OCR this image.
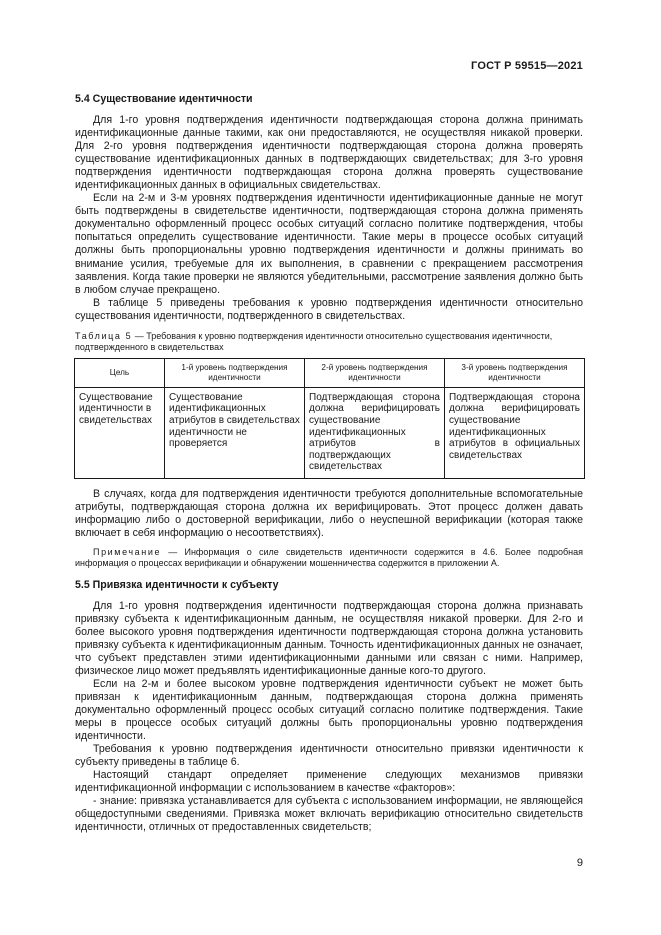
ГОСТ Р 59515—2021
5.4 Существование идентичности

Для 1-го уровня подтверждения идентичности подтверждающая сторона должна принимать идентификационные данные такими, как они предоставляются, не осуществляя никакой проверки. Для 2-го уровня подтверждения идентичности подтверждающая сторона должна проверять существование идентификационных данных в подтверждающих свидетельствах; для 3-го уровня подтверждения идентичности подтверждающая сторона должна проверять существование идентификационных данных в официальных свидетельствах.

Если на 2-м и 3-м уровнях подтверждения идентичности идентификационные данные не могут быть подтверждены в свидетельстве идентичности, подтверждающая сторона должна применять документально оформленный процесс особых ситуаций согласно политике подтверждения, чтобы попытаться определить существование идентичности. Такие меры в процессе особых ситуаций должны быть пропорциональны уровню подтверждения идентичности и должны принимать во внимание усилия, требуемые для их выполнения, в сравнении с прекращением рассмотрения заявления. Когда такие проверки не являются убедительными, рассмотрение заявления должно быть в любом случае прекращено.

В таблице 5 приведены требования к уровню подтверждения идентичности относительно существования идентичности, подтвержденного в свидетельствах.

Таблица 5 — Требования к уровню подтверждения идентичности относительно существования идентичности, подтвержденного в свидетельствах
Цель	1-й уровень подтверждения идентичности	2-й уровень подтверждения идентичности	3-й уровень подтверждения идентичности
Существование идентичности в свидетельствах	Существование идентификационных атрибутов в свидетельствах идентичности не проверяется	Подтверждающая сторона должна верифицировать существование идентификационных атрибутов в подтверждающих свидетельствах	Подтверждающая сторона должна верифицировать существование идентификационных атрибутов в официальных свидетельствах

В случаях, когда для подтверждения идентичности требуются дополнительные вспомогательные атрибуты, подтверждающая сторона должна их верифицировать. Этот процесс должен давать информацию либо о достоверной верификации, либо о неуспешной верификации (которая также включает в себя информацию о несоответствиях).

Примечание — Информация о силе свидетельств идентичности содержится в 4.6. Более подробная информация о процессах верификации и обнаружении мошенничества содержится в приложении А.
5.5 Привязка идентичности к субъекту

Для 1-го уровня подтверждения идентичности подтверждающая сторона должна признавать привязку субъекта к идентификационным данным, не осуществляя никакой проверки. Для 2-го и более высокого уровня подтверждения идентичности подтверждающая сторона должна установить привязку субъекта к идентификационным данным. Точность идентификационных данных не означает, что субъект представлен этими идентификационными данными или связан с ними. Например, физическое лицо может предъявлять идентификационные данные кого-то другого.

Если на 2-м и более высоком уровне подтверждения идентичности субъект не может быть привязан к идентификационным данным, подтверждающая сторона должна применять документально оформленный процесс особых ситуаций согласно политике подтверждения. Такие меры в процессе особых ситуаций должны быть пропорциональны уровню подтверждения идентичности.

Требования к уровню подтверждения идентичности относительно привязки идентичности к субъекту приведены в таблице 6.

Настоящий стандарт определяет применение следующих механизмов привязки идентификационной информации с использованием в качестве «факторов»:

- знание: привязка устанавливается для субъекта с использованием информации, не являющейся общедоступными сведениями. Привязка может включать верификацию относительно свидетельств идентичности, отличных от предоставленных свидетельств;

9
